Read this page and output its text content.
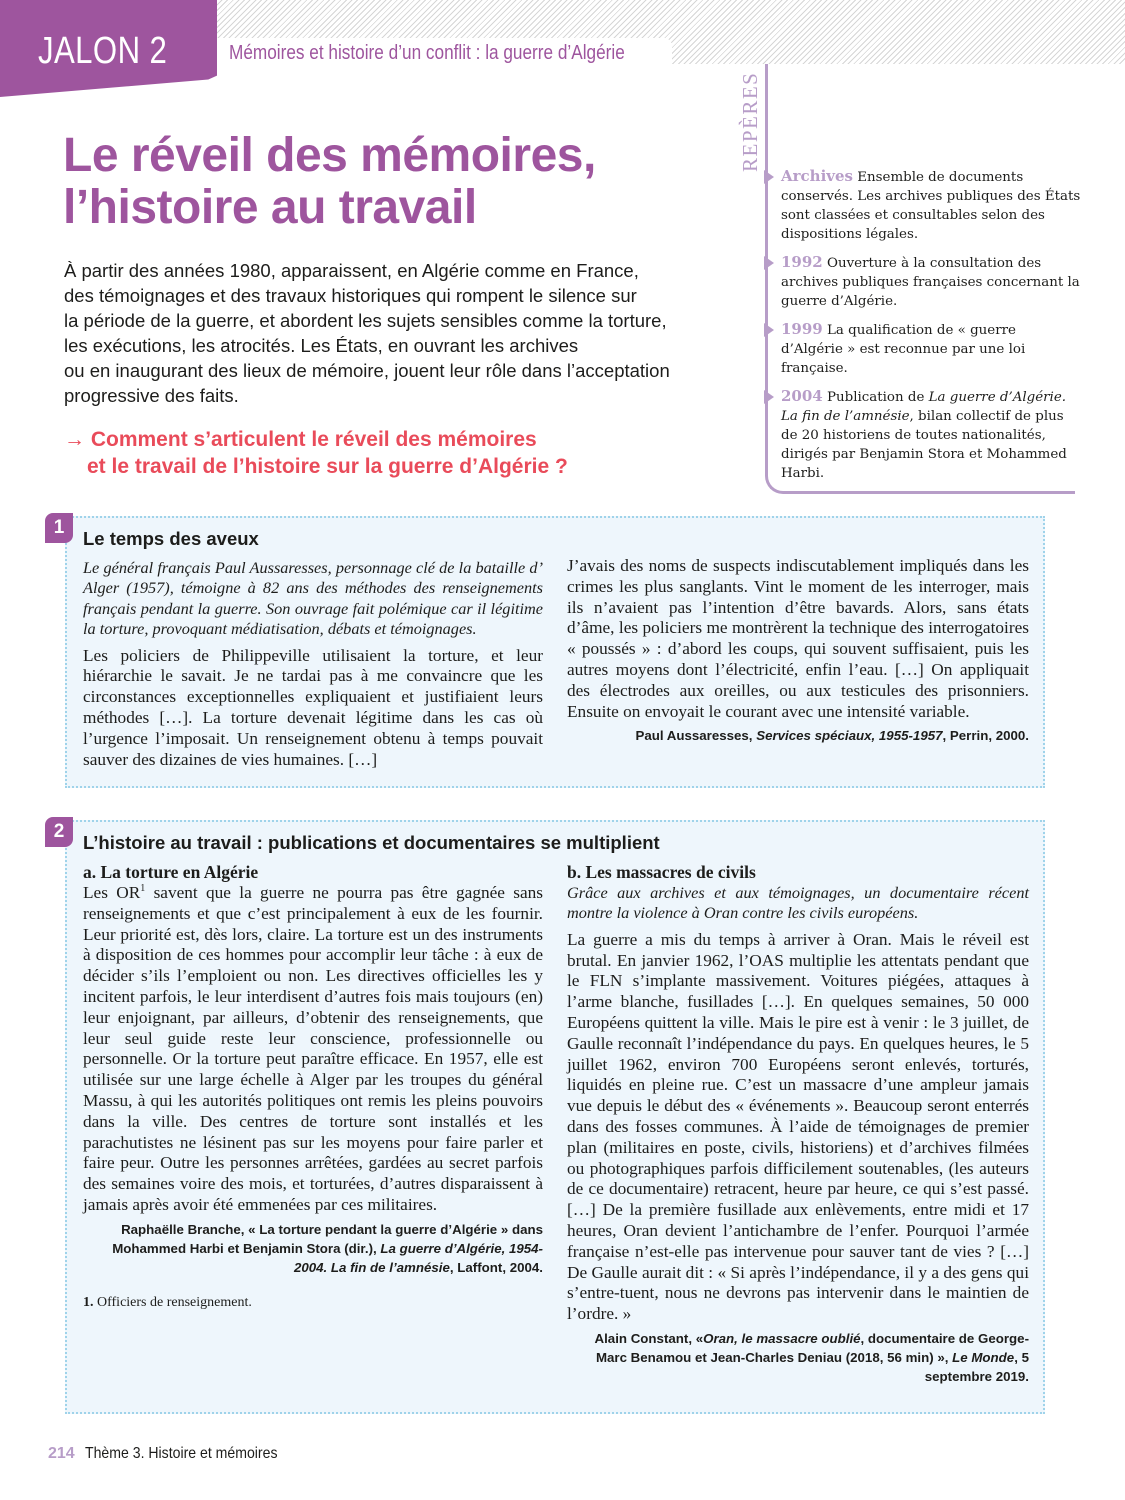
JALON 2	Mémoires et histoire d’un conflit : la guerre d’Algérie
Le réveil des mémoires,
l’histoire au travail
À partir des années 1980, apparaissent, en Algérie comme en France,
des témoignages et des travaux historiques qui rompent le silence sur
la période de la guerre, et abordent les sujets sensibles comme la torture,
les exécutions, les atrocités. Les États, en ouvrant les archives
ou en inaugurant des lieux de mémoire, jouent leur rôle dans l’acceptation
progressive des faits.
→ Comment s’articulent le réveil des mémoires
et le travail de l’histoire sur la guerre d’Algérie ?
REPÈRES
Archives Ensemble de documents conservés. Les archives publiques des États sont classées et consultables selon des dispositions légales.
1992 Ouverture à la consultation des archives publiques françaises concernant la guerre d’Algérie.
1999 La qualification de « guerre d’Algérie » est reconnue par une loi française.
2004 Publication de La guerre d’Algérie. La fin de l’amnésie, bilan collectif de plus de 20 historiens de toutes nationalités, dirigés par Benjamin Stora et Mohammed Harbi.
Le temps des aveux

Le général français Paul Aussaresses, personnage clé de la bataille d’ Alger (1957), témoigne à 82 ans des méthodes des renseignements français pendant la guerre. Son ouvrage fait polémique car il légitime la torture, provoquant médiatisation, débats et témoignages.

Les policiers de Philippeville utilisaient la torture, et leur hiérarchie le savait. Je ne tardai pas à me convaincre que les circonstances exceptionnelles expliquaient et justifiaient leurs méthodes […]. La torture devenait légitime dans les cas où l’urgence l’imposait. Un renseignement obtenu à temps pouvait sauver des dizaines de vies humaines. […]

J’avais des noms de suspects indiscutablement impliqués dans les crimes les plus sanglants. Vint le moment de les interroger, mais ils n’avaient pas l’intention d’être bavards. Alors, sans états d’âme, les policiers me montrèrent la technique des interrogatoires « poussés » : d’abord les coups, qui souvent suffisaient, puis les autres moyens dont l’électricité, enfin l’eau. […] On appliquait des électrodes aux oreilles, ou aux testicules des prisonniers. Ensuite on envoyait le courant avec une intensité variable.

Paul Aussaresses, Services spéciaux, 1955-1957, Perrin, 2000.

1
L’histoire au travail : publications et documentaires se multiplient

a. La torture en Algérie

Les $OR^1$ savent que la guerre ne pourra pas être gagnée sans renseignements et que c’est principalement à eux de les fournir. Leur priorité est, dès lors, claire. La torture est un des instruments à disposition de ces hommes pour accomplir leur tâche : à eux de décider s’ils l’emploient ou non. Les directives officielles les y incitent parfois, le leur interdisent d’autres fois mais toujours (en) leur enjoignant, par ailleurs, d’obtenir des renseignements, que leur seul guide reste leur conscience, professionnelle ou personnelle. Or la torture peut paraître efficace. En 1957, elle est utilisée sur une large échelle à Alger par les troupes du général Massu, à qui les autorités politiques ont remis les pleins pouvoirs dans la ville. Des centres de torture sont installés et les parachutistes ne lésinent pas sur les moyens pour faire parler et faire peur. Outre les personnes arrêtées, gardées au secret parfois des semaines voire des mois, et torturées, d’autres disparaissent à jamais après avoir été emmenées par ces militaires.

Raphaëlle Branche, « La torture pendant la guerre d’Algérie » dans Mohammed Harbi et Benjamin Stora (dir.), La guerre d’Algérie, 1954-2004. La fin de l’amnésie, Laffont, 2004.

1. Officiers de renseignement.

b. Les massacres de civils

Grâce aux archives et aux témoignages, un documentaire récent montre la violence à Oran contre les civils européens.

La guerre a mis du temps à arriver à Oran. Mais le réveil est brutal. En janvier 1962, l’OAS multiplie les attentats pendant que le FLN s’implante massivement. Voitures piégées, attaques à l’arme blanche, fusillades […]. En quelques semaines, 50 000 Européens quittent la ville. Mais le pire est à venir : le 3 juillet, de Gaulle reconnaît l’indépendance du pays. En quelques heures, le 5 juillet 1962, environ 700 Européens seront enlevés, torturés, liquidés en pleine rue. C’est un massacre d’une ampleur jamais vue depuis le début des « événements ». Beaucoup seront enterrés dans des fosses communes. À l’aide de témoignages de premier plan (militaires en poste, civils, historiens) et d’archives filmées ou photographiques parfois difficilement soutenables, (les auteurs de ce documentaire) retracent, heure par heure, ce qui s’est passé. […] De la première fusillade aux enlèvements, entre midi et 17 heures, Oran devient l’antichambre de l’enfer. Pourquoi l’armée française n’est-elle pas intervenue pour sauver tant de vies ? […] De Gaulle aurait dit : « Si après l’indépendance, il y a des gens qui s’entre-tuent, nous ne devrons pas intervenir dans le maintien de l’ordre. »

Alain Constant, «Oran, le massacre oublié, documentaire de George-Marc Benamou et Jean-Charles Deniau (2018, 56 min) », Le Monde, 5 septembre 2019.

2
214 Thème 3. Histoire et mémoires
